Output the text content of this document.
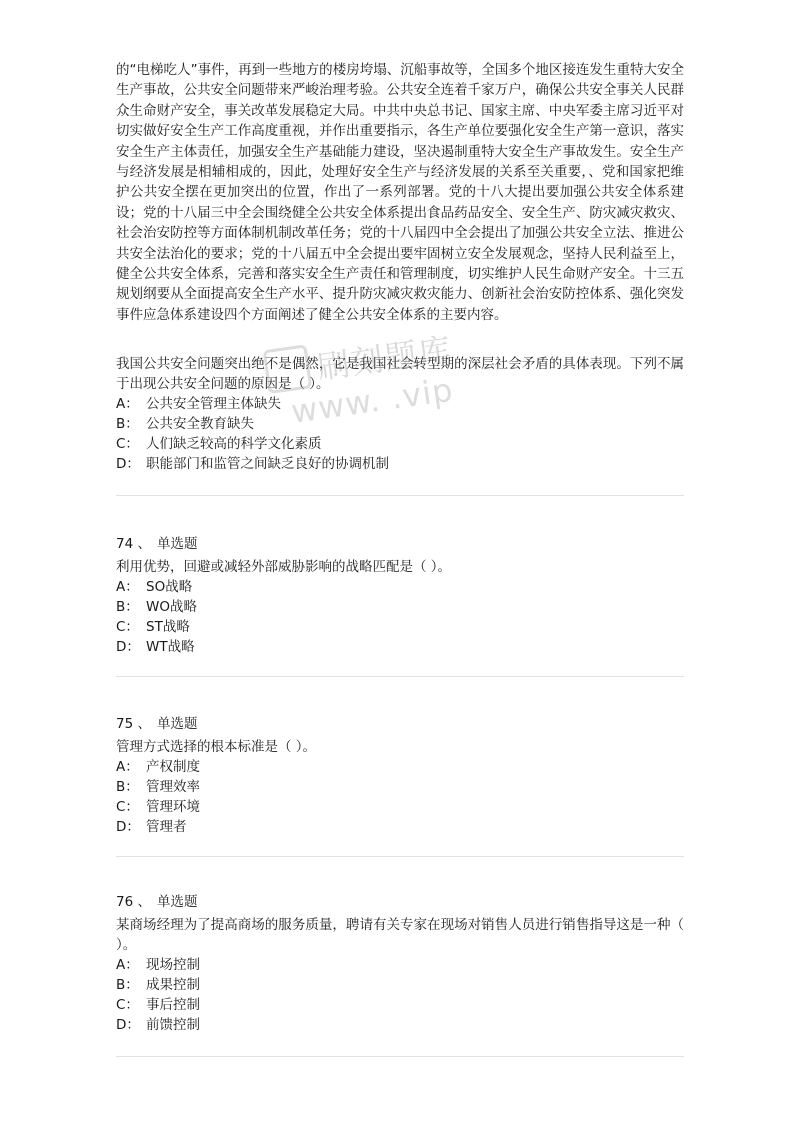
的“电梯吃人”事件，再到一些地方的楼房垮塌、沉船事故等，全国多个地区接连发生重特大安全生产事故，公共安全问题带来严峻治理考验。公共安全连着千家万户，确保公共安全事关人民群众生命财产安全，事关改革发展稳定大局。中共中央总书记、国家主席、中央军委主席习近平对切实做好安全生产工作高度重视，并作出重要指示，各生产单位要强化安全生产第一意识，落实安全生产主体责任，加强安全生产基础能力建设，坚决遏制重特大安全生产事故发生。安全生产与经济发展是相辅相成的，因此，处理好安全生产与经济发展的关系至关重要，、党和国家把维护公共安全摆在更加突出的位置，作出了一系列部署。党的十八大提出要加强公共安全体系建设；党的十八届三中全会围绕健全公共安全体系提出食品药品安全、安全生产、防灾减灾救灾、社会治安防控等方面体制机制改革任务；党的十八届四中全会提出了加强公共安全立法、推进公共安全法治化的要求；党的十八届五中全会提出要牢固树立安全发展观念，坚持人民利益至上，健全公共安全体系，完善和落实安全生产责任和管理制度，切实维护人民生命财产安全。十三五规划纲要从全面提高安全生产水平、提升防灾减灾救灾能力、创新社会治安防控体系、强化突发事件应急体系建设四个方面阐述了健全公共安全体系的主要内容。
我国公共安全问题突出绝不是偶然，它是我国社会转型期的深层社会矛盾的具体表现。下列不属于出现公共安全问题的原因是（ ）。
A： 公共安全管理主体缺失
B： 公共安全教育缺失
C： 人们缺乏较高的科学文化素质
D： 职能部门和监管之间缺乏良好的协调机制
74 、 单选题
利用优势，回避或减轻外部威胁影响的战略匹配是（ ）。
A： SO战略
B： WO战略
C： ST战略
D： WT战略
75 、 单选题
管理方式选择的根本标准是（ ）。
A： 产权制度
B： 管理效率
C： 管理环境
D： 管理者
76 、 单选题
某商场经理为了提高商场的服务质量，聘请有关专家在现场对销售人员进行销售指导这是一种（ ）。
A： 现场控制
B： 成果控制
C： 事后控制
D： 前馈控制
刷刻题库
www. .vip
